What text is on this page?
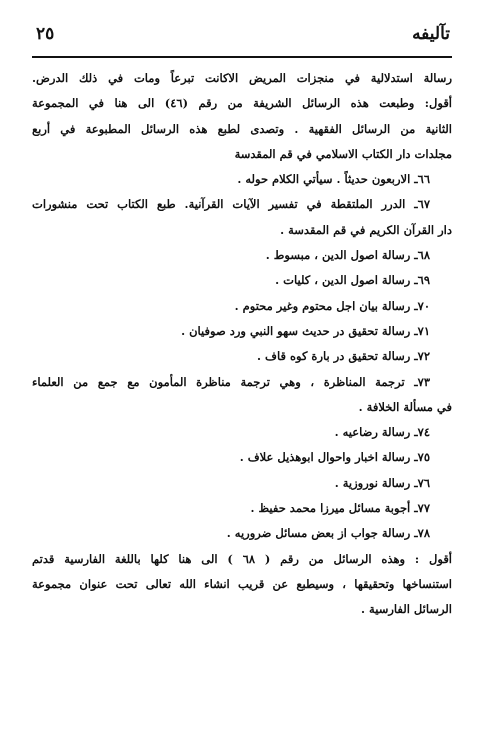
تآليفه
٢٥
رسالة استدلالية في منجزات المريض الاكانت تبرعاً ومات في ذلك الدرض.
أقول: وطبعت هذه الرسائل الشريفة من رقم (٤٦) الى هنا في المجموعة
الثانية من الرسائل الفقهية . وتصدى لطبع هذه الرسائل المطبوعة في أربع
مجلدات دار الكتاب الاسلامي في قم المقدسة
٦٦ـ الاربعون حديثاً . سيأتي الكلام حوله .
٦٧ـ الدرر الملتقطة في تفسير الآيات القرآنية. طبع الكتاب تحت منشورات
دار القرآن الكريم في قم المقدسة .
٦٨ـ رسالة اصول الدين ، مبسوط .
٦٩ـ رسالة اصول الدين ، كليات .
٧٠ـ رسالة بيان اجل محتوم وغير محتوم .
٧١ـ رسالة تحقيق در حديث سهو النبي ورد صوفيان .
٧٢ـ رسالة تحقيق در بارة كوه قاف .
٧٣ـ ترجمة المناظرة ، وهي ترجمة مناظرة المأمون مع جمع من العلماء
في مسألة الخلافة .
٧٤ـ رسالة رضاعيه .
٧٥ـ رسالة اخبار واحوال ابوهذيل علاف .
٧٦ـ رسالة نوروزية .
٧٧ـ أجوبة مسائل ميرزا محمد حفيظ .
٧٨ـ رسالة جواب از بعض مسائل ضروريه .
أقول : وهذه الرسائل من رقم ( ٦٨ ) الى هنا كلها باللغة الفارسية قدتم
استنساخها وتحقيقها ، وسيطبع عن قريب انشاء الله تعالى تحت عنوان مجموعة
الرسائل الفارسية .
